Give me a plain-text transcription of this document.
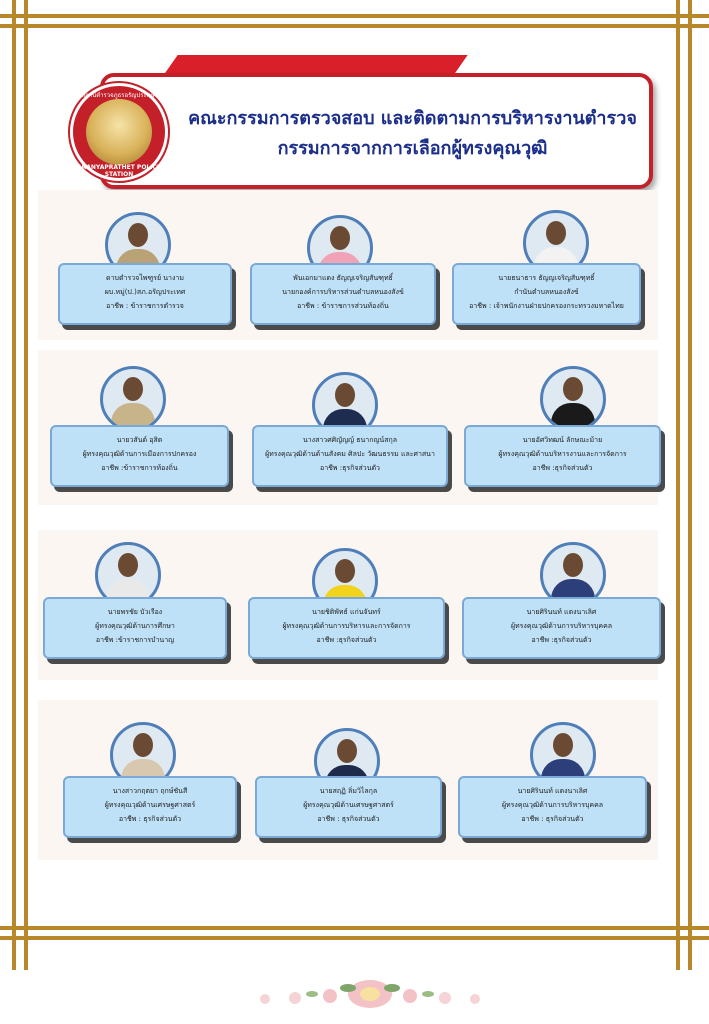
คณะกรรมการตรวจสอบ และติดตามการบริหารงานตำรวจ
กรรมการจากการเลือกผู้ทรงคุณวุฒิ
สถานีตำรวจภูธรอรัญประเทศ
ARANYAPRATHET POLICE STATION
ดาบตำรวจไพฑูรย์ นางาม
ผบ.หมู่(ป.)สภ.อรัญประเทศ
อาชีพ : ข้าราชการตำรวจ
พันเอกมาแดง ธัญญเจริญสันฑุทธิ์
นายกองค์การบริหารส่วนตำบลหนองสังข์
อาชีพ : ข้าราชการส่วนท้องถิ่น
นายธนาธาร ธัญญเจริญสันฑุทธิ์
กำนันตำบลหนองสังข์
อาชีพ : เจ้าพนักงานฝ่ายปกครองกระทรวงมหาดไทย
นายวสันต์ อุสิต
ผู้ทรงคุณวุฒิด้านการเมืองการปกครอง
อาชีพ :ข้าราชการท้องถิ่น
นางสาวศศิญัญญ์ ธนากญน์สกุล
ผู้ทรงคุณวุฒิด้านด้านสังคม ศิลปะ วัฒนธรรม และศาสนา
อาชีพ :ธุรกิจส่วนตัว
นายอัศวิทฒน์ ลักษณะม้าย
ผู้ทรงคุณวุฒิด้านบริหารงานและการจัดการ
อาชีพ :ธุรกิจส่วนตัว
นายพรชัย บัวเรือง
ผู้ทรงคุณวุฒิด้านการศึกษา
อาชีพ :ข้าราชการบำนาญ
นายชิติพัทธ์ แก่นจันทร์
ผู้ทรงคุณวุฒิด้านการบริหารและการจัดการ
อาชีพ :ธุรกิจส่วนตัว
นายศิรินนท์ แตงนาเลิศ
ผู้ทรงคุณวุฒิด้านการบริหารบุคคล
อาชีพ :ธุรกิจส่วนตัว
นางสาวกฤตยา ฤกษ์ชันสี
ผู้ทรงคุณวุฒิด้านเศรษฐศาสตร์
อาชีพ : ธุรกิจส่วนตัว
นายสฤฏิ ลิ่มวิไลกุล
ผู้ทรงคุณวุฒิด้านเศรษฐศาสตร์
อาชีพ : ธุรกิจส่วนตัว
นายศิรินนท์ แตงนาเลิศ
ผู้ทรงคุณวุฒิด้านการบริหารบุคคล
อาชีพ : ธุรกิจส่วนตัว
